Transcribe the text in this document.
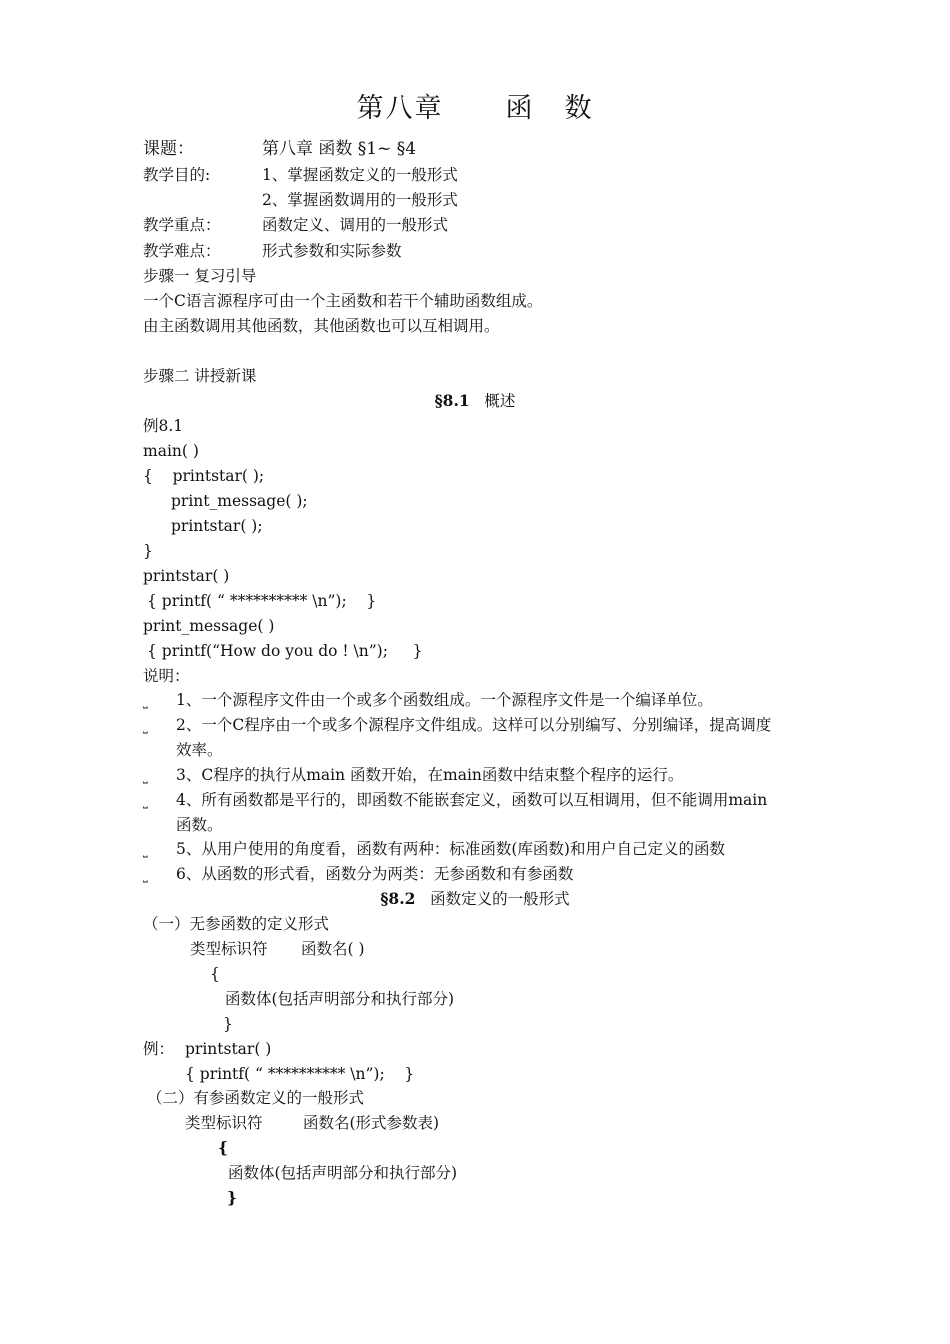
第八章 函 数
课题：	第八章 函数 §1~ §4
教学目的:	1、掌握函数定义的一般形式
2、掌握函数调用的一般形式
教学重点：	函数定义、调用的一般形式
教学难点：	形式参数和实际参数
步骤一 复习引导
一个C语言源程序可由一个主函数和若干个辅助函数组成。
由主函数调用其他函数，其他函数也可以互相调用。
步骤二 讲授新课
§8.1 概述
例8.1
main( )
{    printstar( );
print_message( );
printstar( );
}
printstar( )
{ printf( “ ********** \n”);    }
print_message( )
{ printf(“How do you do ! \n”);     }
说明：
⎵ 1、一个源程序文件由一个或多个函数组成。一个源程序文件是一个编译单位。
⎵ 2、一个C程序由一个或多个源程序文件组成。这样可以分别编写、分别编译，提高调度
效率。
⎵ 3、C程序的执行从main 函数开始，在main函数中结束整个程序的运行。
⎵ 4、所有函数都是平行的，即函数不能嵌套定义，函数可以互相调用，但不能调用main
函数。
⎵ 5、从用户使用的角度看，函数有两种：标准函数(库函数)和用户自己定义的函数
⎵ 6、从函数的形式看，函数分为两类：无参函数和有参函数
§8.2 函数定义的一般形式
（一）无参函数的定义形式
类型标识符 函数名( )
{
函数体(包括声明部分和执行部分)
}
例： printstar( )
{ printf( “ ********** \n”);    }
（二）有参函数定义的一般形式
类型标识符	函数名(形式参数表)
{
函数体(包括声明部分和执行部分)
}
